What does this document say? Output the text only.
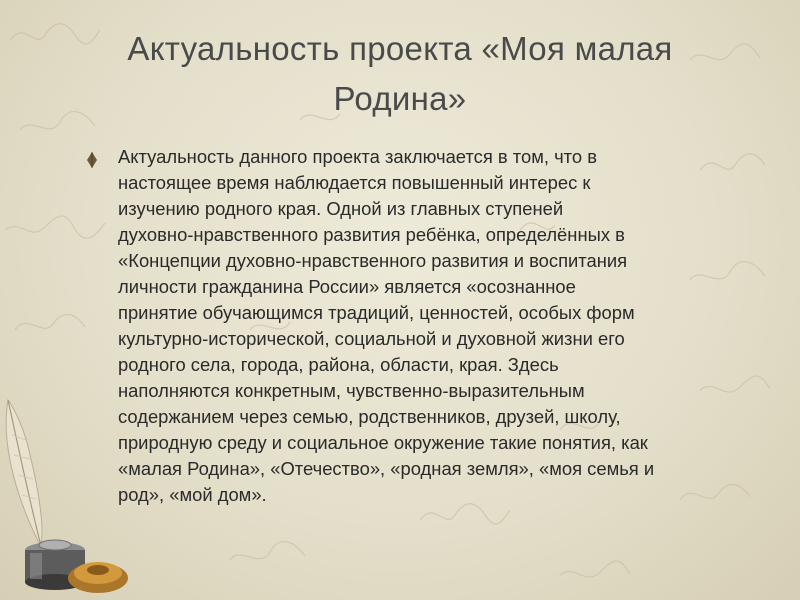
Актуальность проекта «Моя малая
Родина»

Актуальность данного проекта заключается в том, что в
настоящее время наблюдается повышенный интерес к
изучению родного края. Одной из главных ступеней
духовно-нравственного развития ребёнка, определённых в
«Концепции духовно-нравственного развития и воспитания
личности гражданина России» является «осознанное
принятие обучающимся традиций, ценностей, особых форм
культурно-исторической, социальной и духовной жизни его
родного села, города, района, области, края. Здесь
наполняются конкретным, чувственно-выразительным
содержанием через семью, родственников, друзей, школу,
природную среду и социальное окружение такие понятия, как
«малая Родина», «Отечество», «родная земля», «моя семья и
род», «мой дом».
